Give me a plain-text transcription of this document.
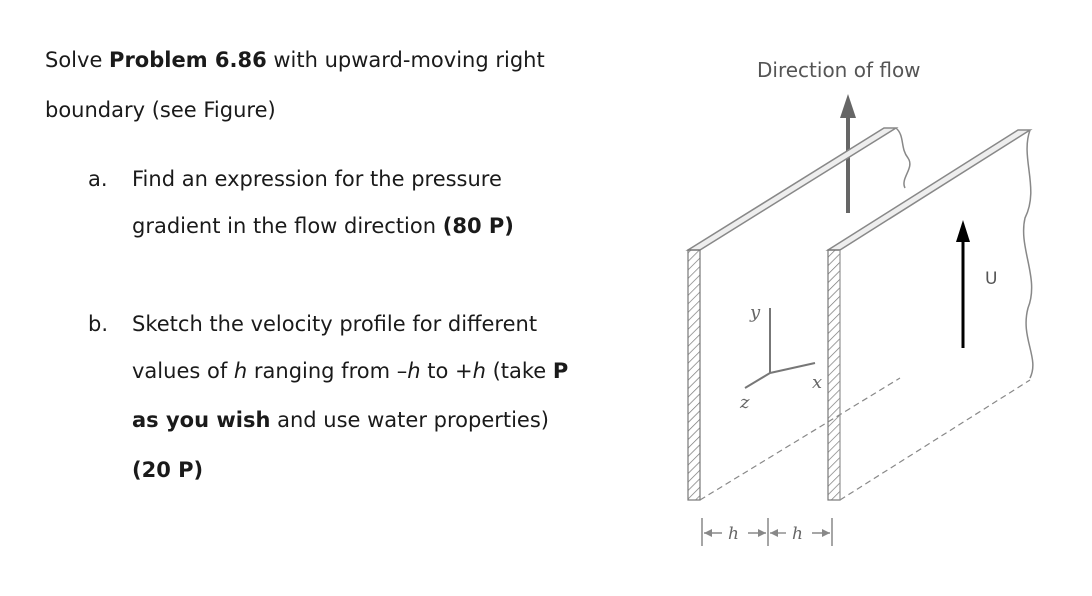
Solve Problem 6.86 with upward-moving right
boundary (see Figure)
a. Find an expression for the pressure
gradient in the flow direction (80 P)
b. Sketch the velocity profile for different
values of h ranging from –h to +h (take P
as you wish and use water properties)
(20 P)
Direction of flow
y
x
z
U
h	h
